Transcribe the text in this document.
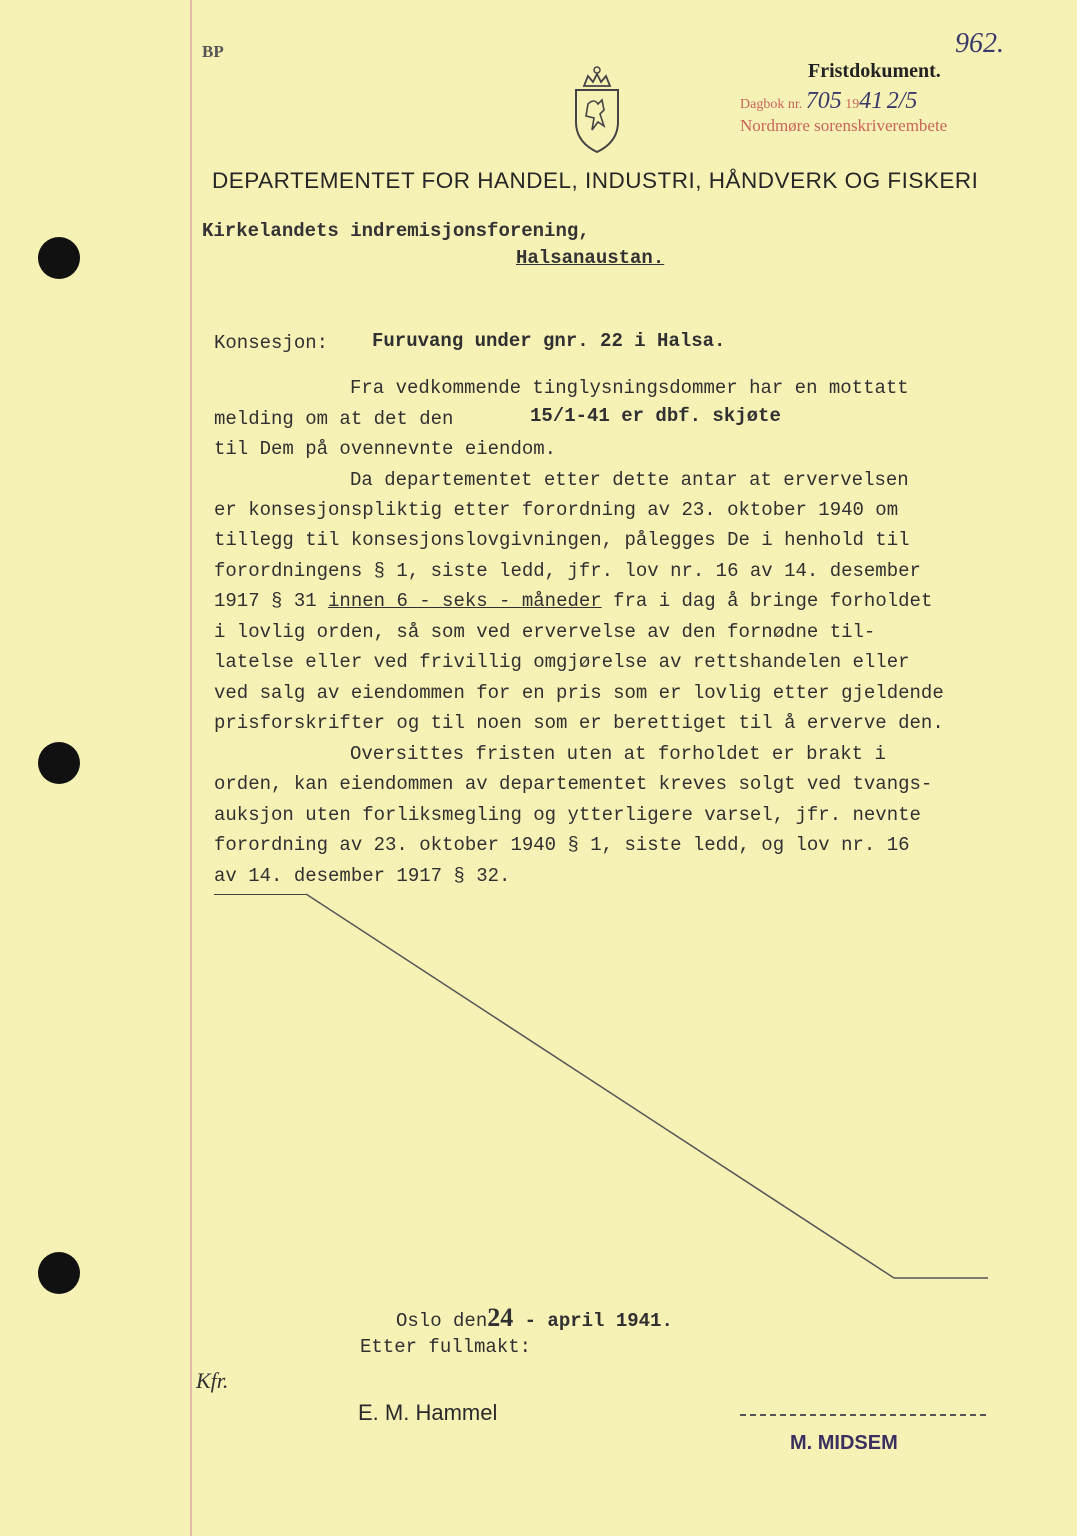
BP	962.
Fristdokument.
Dagbok nr. 705 1941 2/5
Nordmøre sorenskriverembete
DEPARTEMENTET FOR HANDEL, INDUSTRI, HÅNDVERK OG FISKERI
Kirkelandets indremisjonsforening,
Halsanaustan.
Konsesjon: Furuvang under gnr. 22 i Halsa.
Fra vedkommende tinglysningsdommer har en mottatt
melding om at det den	15/1-41 er dbf. skjøte
til Dem på ovennevnte eiendom.
Da departementet etter dette antar at ervervelsen
er konsesjonspliktig etter forordning av 23. oktober 1940 om
tillegg til konsesjonslovgivningen, pålegges De i henhold til
forordningens § 1, siste ledd, jfr. lov nr. 16 av 14. desember
1917 § 31 innen 6 - seks - måneder fra i dag å bringe forholdet
i lovlig orden, så som ved ervervelse av den fornødne til-
latelse eller ved frivillig omgjørelse av rettshandelen eller
ved salg av eiendommen for en pris som er lovlig etter gjeldende
prisforskrifter og til noen som er berettiget til å erverve den.
Oversittes fristen uten at forholdet er brakt i
orden, kan eiendommen av departementet kreves solgt ved tvangs-
auksjon uten forliksmegling og ytterligere varsel, jfr. nevnte
forordning av 23. oktober 1940 § 1, siste ledd, og lov nr. 16
av 14. desember 1917 § 32.
Oslo den24 - april 1941.
Etter fullmakt:
Kfr.
E. M. Hammel
M. MIDSEM
